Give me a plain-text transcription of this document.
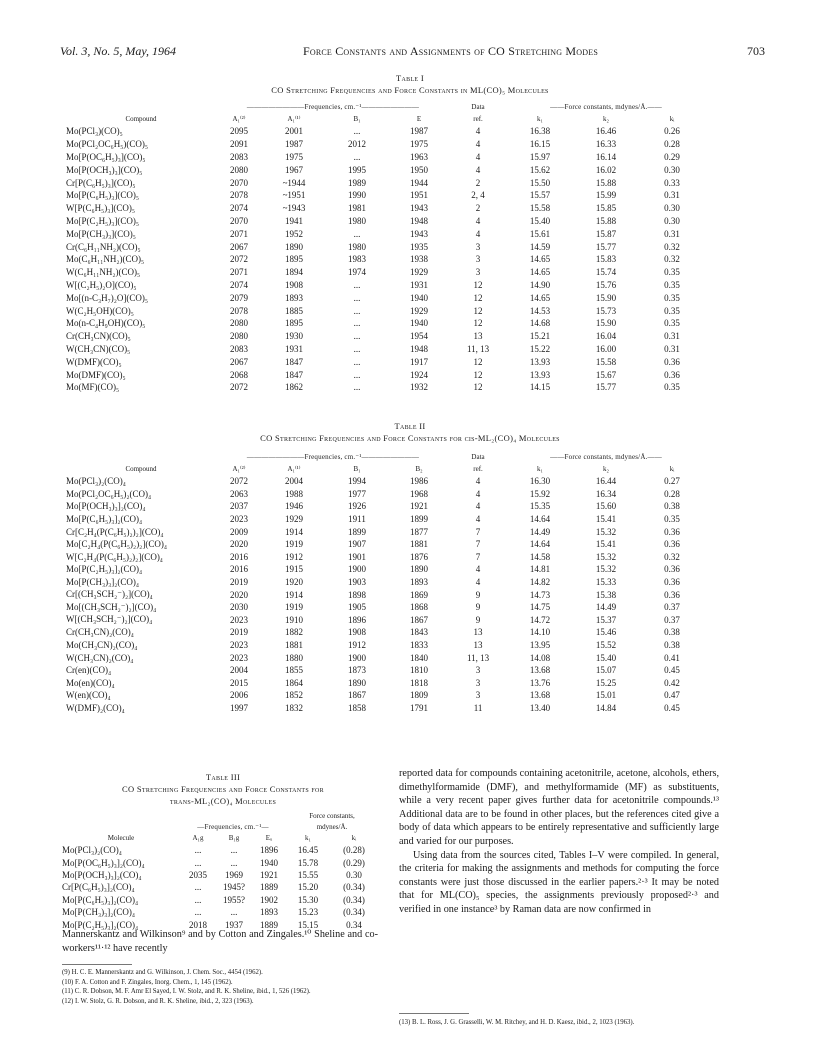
Vol. 3, No. 5, May, 1964	Force Constants and Assignments of CO Stretching Modes	703
Table I
CO Stretching Frequencies and Force Constants in ML(CO)₅ Molecules
	————————Frequencies, cm.⁻¹————————				Data	——Force constants, mdynes/Å.——		
Compound	A₁⁽²⁾	A₁⁽¹⁾	B₁	E	ref.	k₁	k₂	kᵢ
Mo(PCl₃)(CO)₅	2095	2001	...	1987	4	16.38	16.46	0.26
Mo(PCl₂OC₆H₅)(CO)₅	2091	1987	2012	1975	4	16.15	16.33	0.28
Mo[P(OC₆H₅)₃](CO)₅	2083	1975	...	1963	4	15.97	16.14	0.29
Mo[P(OCH₃)₃](CO)₅	2080	1967	1995	1950	4	15.62	16.02	0.30
Cr[P(C₆H₅)₃](CO)₅	2070	~1944	1989	1944	2	15.50	15.88	0.33
Mo[P(C₆H₅)₃](CO)₅	2078	~1951	1990	1951	2, 4	15.57	15.99	0.31
W[P(C₆H₅)₃](CO)₅	2074	~1943	1981	1943	2	15.58	15.85	0.30
Mo[P(C₂H₅)₃](CO)₅	2070	1941	1980	1948	4	15.40	15.88	0.30
Mo[P(CH₃)₃](CO)₅	2071	1952	...	1943	4	15.61	15.87	0.31
Cr(C₆H₁₁NH₂)(CO)₅	2067	1890	1980	1935	3	14.59	15.77	0.32
Mo(C₆H₁₁NH₂)(CO)₅	2072	1895	1983	1938	3	14.65	15.83	0.32
W(C₆H₁₁NH₂)(CO)₅	2071	1894	1974	1929	3	14.65	15.74	0.35
W[(C₂H₅)₂O](CO)₅	2074	1908	...	1931	12	14.90	15.76	0.35
Mo[(n-C₃H₇)₂O](CO)₅	2079	1893	...	1940	12	14.65	15.90	0.35
W(C₂H₅OH)(CO)₅	2078	1885	...	1929	12	14.53	15.73	0.35
Mo(n-C₄H₉OH)(CO)₅	2080	1895	...	1940	12	14.68	15.90	0.35
Cr(CH₃CN)(CO)₅	2080	1930	...	1954	13	15.21	16.04	0.31
W(CH₃CN)(CO)₅	2083	1931	...	1948	11, 13	15.22	16.00	0.31
W(DMF)(CO)₅	2067	1847	...	1917	12	13.93	15.58	0.36
Mo(DMF)(CO)₅	2068	1847	...	1924	12	13.93	15.67	0.36
Mo(MF)(CO)₅	2072	1862	...	1932	12	14.15	15.77	0.35
Table II
CO Stretching Frequencies and Force Constants for cis-ML₂(CO)₄ Molecules
	————————Frequencies, cm.⁻¹————————				Data	——Force constants, mdynes/Å.——		
Compound	A₁⁽²⁾	A₁⁽¹⁾	B₁	B₂	ref.	k₁	k₂	kᵢ
Mo(PCl₃)₂(CO)₄	2072	2004	1994	1986	4	16.30	16.44	0.27
Mo(PCl₂OC₆H₅)₂(CO)₄	2063	1988	1977	1968	4	15.92	16.34	0.28
Mo[P(OCH₃)₃]₂(CO)₄	2037	1946	1926	1921	4	15.35	15.60	0.38
Mo[P(C₆H₅)₃]₂(CO)₄	2023	1929	1911	1899	4	14.64	15.41	0.35
Cr[C₂H₄(P(C₆H₅)₂)₂](CO)₄	2009	1914	1899	1877	7	14.49	15.32	0.36
Mo[C₂H₄(P(C₆H₅)₂)₂](CO)₄	2020	1919	1907	1881	7	14.64	15.41	0.36
W[C₂H₄(P(C₆H₅)₂)₂](CO)₄	2016	1912	1901	1876	7	14.58	15.32	0.32
Mo[P(C₂H₅)₃]₂(CO)₄	2016	1915	1900	1890	4	14.81	15.32	0.36
Mo[P(CH₃)₃]₂(CO)₄	2019	1920	1903	1893	4	14.82	15.33	0.36
Cr[(CH₃SCH₂⁻)₂](CO)₄	2020	1914	1898	1869	9	14.73	15.38	0.36
Mo[(CH₃SCH₂⁻)₂](CO)₄	2030	1919	1905	1868	9	14.75	14.49	0.37
W[(CH₃SCH₂⁻)₂](CO)₄	2023	1910	1896	1867	9	14.72	15.37	0.37
Cr(CH₃CN)₂(CO)₄	2019	1882	1908	1843	13	14.10	15.46	0.38
Mo(CH₃CN)₂(CO)₄	2023	1881	1912	1833	13	13.95	15.52	0.38
W(CH₃CN)₂(CO)₄	2023	1880	1900	1840	11, 13	14.08	15.40	0.41
Cr(en)(CO)₄	2004	1855	1873	1810	3	13.68	15.07	0.45
Mo(en)(CO)₄	2015	1864	1890	1818	3	13.76	15.25	0.42
W(en)(CO)₄	2006	1852	1867	1809	3	13.68	15.01	0.47
W(DMF)₂(CO)₄	1997	1832	1858	1791	11	13.40	14.84	0.45
Table III
CO Stretching Frequencies and Force Constants for
trans-ML₂(CO)₄ Molecules
				Force constants,	
	—Frequencies, cm.⁻¹—			mdynes/Å.	
Molecule	A₁g	B₁g	Eᵤ	k₁	kᵢ
Mo(PCl₃)₂(CO)₄	...	...	1896	16.45	(0.28)
Mo[P(OC₆H₅)₃]₂(CO)₄	...	...	1940	15.78	(0.29)
Mo[P(OCH₃)₃]₂(CO)₄	2035	1969	1921	15.55	0.30
Cr[P(C₆H₅)₃]₂(CO)₄	...	1945?	1889	15.20	(0.34)
Mo[P(C₆H₅)₃]₂(CO)₄	...	1955?	1902	15.30	(0.34)
Mo[P(CH₃)₃]₂(CO)₄	...	...	1893	15.23	(0.34)
Mo[P(C₂H₅)₃]₂(CO)₄	2018	1937	1889	15.15	0.34

Mannerskantz and Wilkinson⁹ and by Cotton and Zingales.¹⁰ Sheline and co-workers¹¹·¹² have recently

(9) H. C. E. Mannerskantz and G. Wilkinson, J. Chem. Soc., 4454 (1962).
(10) F. A. Cotton and F. Zingales, Inorg. Chem., 1, 145 (1962).
(11) C. R. Dobson, M. F. Amr El Sayed, I. W. Stolz, and R. K. Sheline, ibid., 1, 526 (1962).
(12) I. W. Stolz, G. R. Dobson, and R. K. Sheline, ibid., 2, 323 (1963).

reported data for compounds containing acetonitrile, acetone, alcohols, ethers, dimethylformamide (DMF), and methylformamide (MF) as substituents, while a very recent paper gives further data for acetonitrile compounds.¹³ Additional data are to be found in other places, but the references cited give a body of data which appears to be entirely representative and sufficiently large and varied for our purposes.

Using data from the sources cited, Tables I–V were compiled. In general, the criteria for making the assignments and methods for computing the force constants were just those discussed in the earlier papers.²·³ It may be noted that for ML(CO)₅ species, the assignments previously proposed²·³ and verified in one instance³ by Raman data are now confirmed in

(13) B. L. Ross, J. G. Grasselli, W. M. Ritchey, and H. D. Kaesz, ibid., 2, 1023 (1963).
